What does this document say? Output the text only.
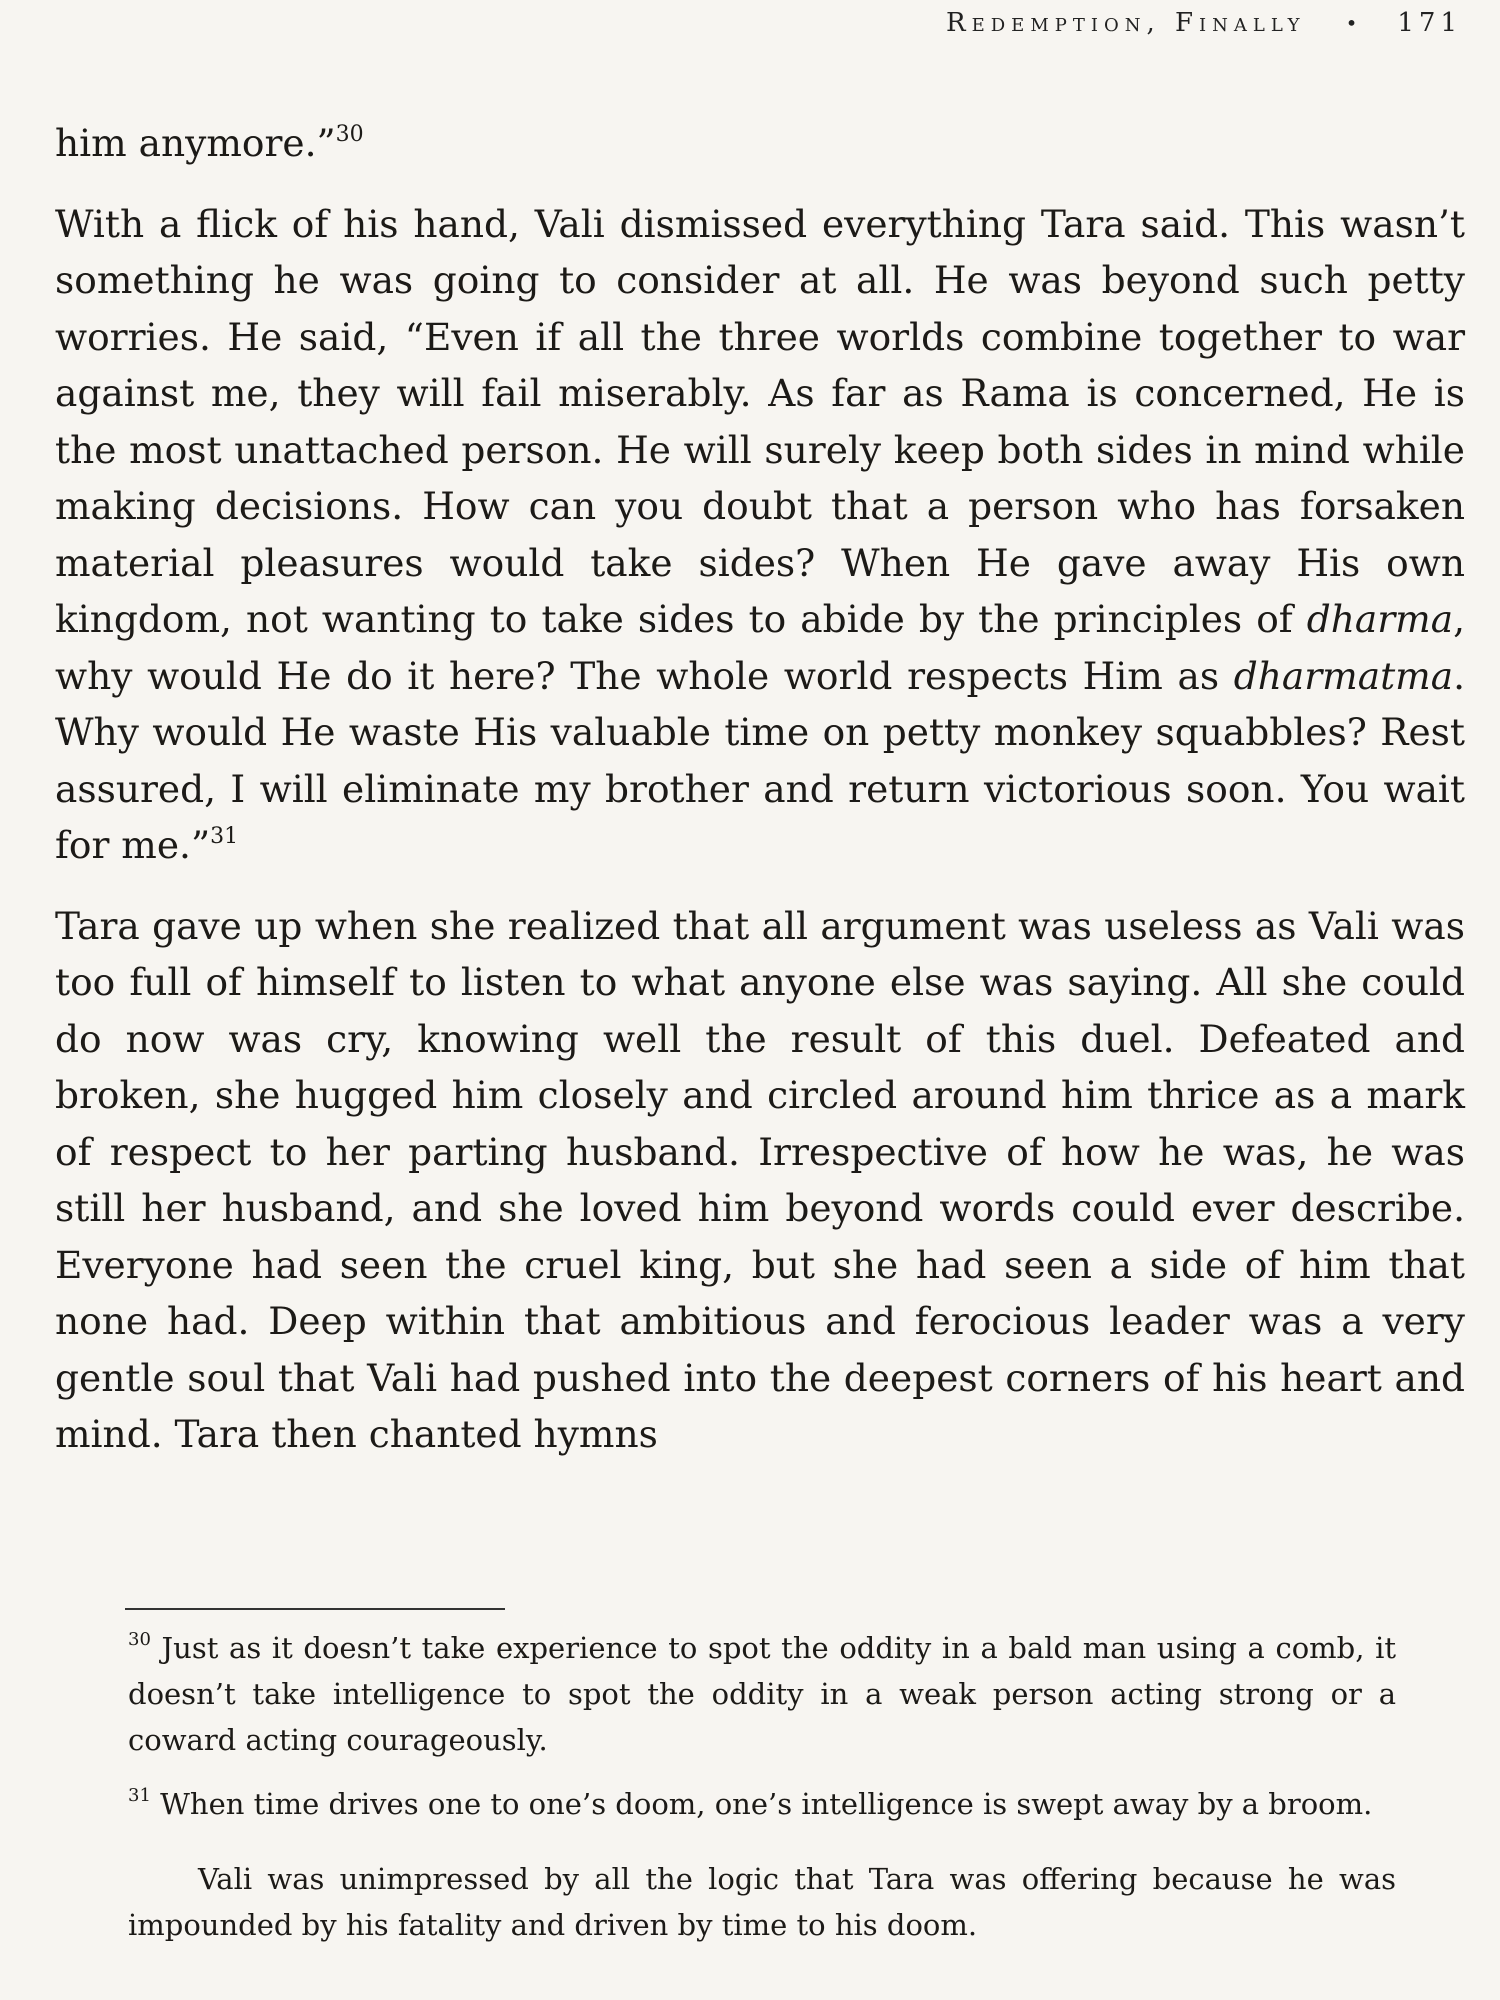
Redemption, Finally • 171

him anymore.”$^{30}$

With a flick of his hand, Vali dismissed everything Tara said. This wasn’t something he was going to consider at all. He was beyond such petty worries. He said, “Even if all the three worlds combine together to war against me, they will fail miserably. As far as Rama is concerned, He is the most unattached person. He will surely keep both sides in mind while making decisions. How can you doubt that a person who has forsaken material pleasures would take sides? When He gave away His own kingdom, not wanting to take sides to abide by the principles of dharma, why would He do it here? The whole world respects Him as dharmatma. Why would He waste His valuable time on petty monkey squabbles? Rest assured, I will eliminate my brother and return victorious soon. You wait for me.”$^{31}$

Tara gave up when she realized that all argument was useless as Vali was too full of himself to listen to what anyone else was saying. All she could do now was cry, knowing well the result of this duel. Defeated and broken, she hugged him closely and circled around him thrice as a mark of respect to her parting husband. Irrespective of how he was, he was still her husband, and she loved him beyond words could ever describe. Everyone had seen the cruel king, but she had seen a side of him that none had. Deep within that ambitious and ferocious leader was a very gentle soul that Vali had pushed into the deepest corners of his heart and mind. Tara then chanted hymns

$^{30}$ Just as it doesn’t take experience to spot the oddity in a bald man using a comb, it doesn’t take intelligence to spot the oddity in a weak person acting strong or a coward acting courageously.

$^{31}$ When time drives one to one’s doom, one’s intelligence is swept away by a broom.

Vali was unimpressed by all the logic that Tara was offering because he was impounded by his fatality and driven by time to his doom.
